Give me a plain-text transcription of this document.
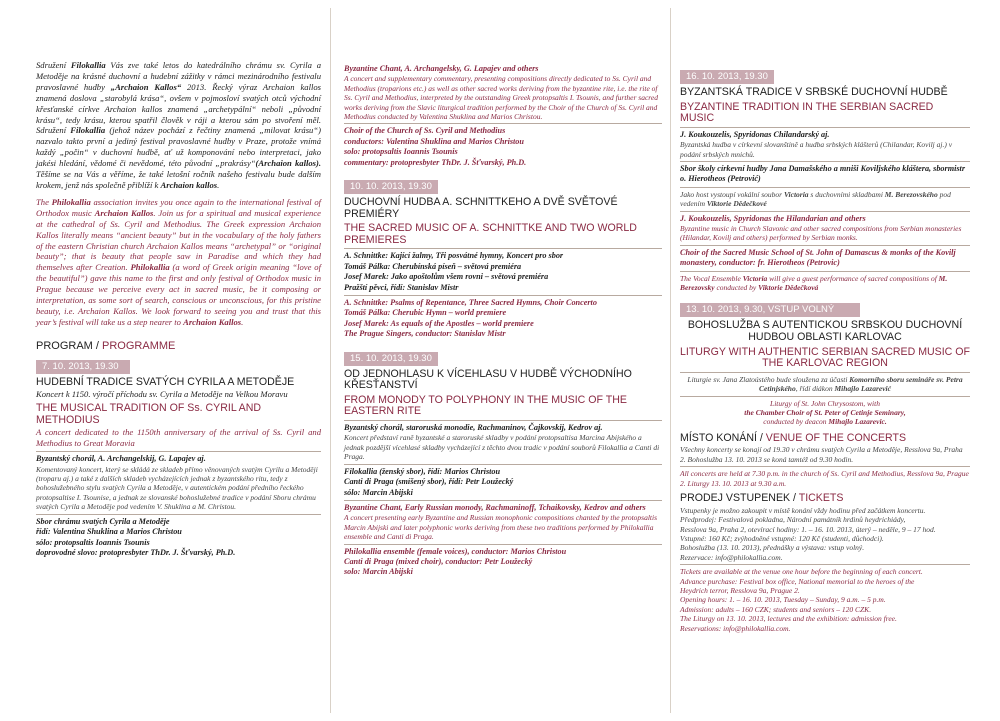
Sdružení Filokallia Vás zve také letos do katedrálního chrámu sv. Cyrila a Metoděje na krásné duchovní a hudební zážitky v rámci mezinárodního festivalu pravoslavné hudby „Archaion Kallos“ 2013. Řecký výraz Archaion kallos znamená doslova „starobylá krása“, ovšem v pojmosloví svatých otců východní křesťanské církve Archaion kallos znamená „archetypální“ neboli „původní krásu“, tedy krásu, kterou spatřil člověk v ráji a kterou sám po stvoření měl. Sdružení Filokallia (jehož název pochází z řečtiny znamená „milovat krásu“) nazvalo takto první a jediný festival pravoslavné hudby v Praze, protože vnímá každý „počin“ v duchovní hudbě, ať už komponování nebo interpretaci, jako jakési hledání, vědomé či nevědomé, této původní „prakrásy“(Archaion kallos). Těšíme se na Vás a věříme, že také letošní ročník našeho festivalu bude dalším krokem, jenž nás společně přiblíží k Archaion kallos.

The Philokallia association invites you once again to the international festival of Orthodox music Archaion Kallos. Join us for a spiritual and musical experience at the cathedral of Ss. Cyril and Methodius. The Greek expression Archaion Kallos literally means “ancient beauty” but in the vocabulary of the holy fathers of the eastern Christian church Archaion Kallos means “archetypal” or “original beauty”; that is beauty that people saw in Paradise and which they had themselves after Creation. Philokallia (a word of Greek origin meaning “love of the beautiful”) gave this name to the first and only festival of Orthodox music in Prague because we perceive every act in sacred music, be it composing or interpretation, as some sort of search, conscious or unconscious, for this pristine beauty, i.e. Archaion Kallos. We look forward to seeing you and trust that this year’s festival will take us a step nearer to Archaion Kallos.

PROGRAM / PROGRAMME
7. 10. 2013, 19.30
HUDEBNÍ TRADICE SVATÝCH CYRILA A METODĚJE

Koncert k 1150. výročí příchodu sv. Cyrila a Metoděje na Velkou Moravu

THE MUSICAL TRADITION OF Ss. CYRIL AND METHODIUS

A concert dedicated to the 1150th anniversary of the arrival of Ss. Cyril and Methodius to Great Moravia

Byzantský chorál, A. Archangelskij, G. Lapajev aj.

Komentovaný koncert, který se skládá ze skladeb přímo věnovaných svatým Cyrilu a Metoději (troparu aj.) a také z dalších skladeb vycházejících jednak z byzantského ritu, tedy z bohoslužebného stylu svatých Cyrila a Metoděje, v autentickém podání předního řeckého protopsaltise I. Tsounise, a jednak ze slovanské bohoslužebné tradice v podání Sboru chrámu svatých Cyrila a Metoděje pod vedením V. Shuklina a M. Christou.

Sbor chrámu svatých Cyrila a Metoděje

řídí: Valentina Shuklina a Marios Christou

sólo: protopsaltis Ioannis Tsounis

doprovodné slovo: protopresbyter ThDr. J. Šťvarský, Ph.D.

Byzantine Chant, A. Archangelsky, G. Lapajev and others

A concert and supplementary commentary, presenting compositions directly dedicated to Ss. Cyril and Methodius (troparions etc.) as well as other sacred works deriving from the byzantine rite, i.e. the rite of Ss. Cyril and Methodius, interpreted by the outstanding Greek protopsaltis I. Tsounis, and further sacred works deriving from the Slavic liturgical tradition performed by the Choir of the Church of Ss. Cyril and Methodius conducted by Valentina Shuklina and Marios Christou.

Choir of the Church of Ss. Cyril and Methodius

conductors: Valentina Shuklina and Marios Christou

solo: protopsaltis Ioannis Tsounis

commentary: protopresbyter ThDr. J. Šťvarský, Ph.D.

10. 10. 2013, 19.30
DUCHOVNÍ HUDBA A. SCHNITTKEHO A DVĚ SVĚTOVÉ PREMIÉRY
THE SACRED MUSIC OF A. SCHNITTKE AND TWO WORLD PREMIERES

A. Schnittke: Kající žalmy, Tři posvátné hymny, Koncert pro sbor

Tomáš Pálka: Cherubínská píseň – světová premiéra

Josef Marek: Jako apoštolům všem rovni – světová premiéra

Pražští pěvci, řídí: Stanislav Mistr

A. Schnittke: Psalms of Repentance, Three Sacred Hymns, Choir Concerto

Tomáš Pálka: Cherubic Hymn – world premiere

Josef Marek: As equals of the Apostles – world premiere

The Prague Singers, conductor: Stanislav Mistr

15. 10. 2013, 19.30
OD JEDNOHLASU K VÍCEHLASU V HUDBĚ VÝCHODNÍHO KŘESŤANSTVÍ
FROM MONODY TO POLYPHONY IN THE MUSIC OF THE EASTERN RITE

Byzantský chorál, staroruská monodie, Rachmaninov, Čajkovskij, Kedrov aj.

Koncert představí raně byzantské a staroruské skladby v podání protopsaltisa Marcina Abijského a jednak pozdější vícehlasé skladby vycházející z těchto dvou tradic v podání souborů Filokallia a Canti di Praga.

Filokallia (ženský sbor), řídí: Marios Christou

Canti di Praga (smíšený sbor), řídí: Petr Loužecký

sólo: Marcin Abijski

Byzantine Chant, Early Russian monody, Rachmaninoff, Tchaikovsky, Kedrov and others

A concert presenting early Byzantine and Russian monophonic compositions chanted by the protopsaltis Marcin Abijski and later polyphonic works deriving from these two traditions performed by Philokallia ensemble and Canti di Praga.

Philokallia ensemble (female voices), conductor: Marios Christou

Canti di Praga (mixed choir), conductor: Petr Loužecký

solo: Marcin Abijski

16. 10. 2013, 19.30
BYZANTSKÁ TRADICE V SRBSKÉ DUCHOVNÍ HUDBĚ
BYZANTINE TRADITION IN THE SERBIAN SACRED MUSIC

J. Koukouzelis, Spyridonas Chilandarský aj.

Byzantská hudba v církevní slovanštině a hudba srbských klášterů (Chilandar, Kovilj aj.) v podání srbských mnichů.

Sbor školy církevní hudby Jana Damašského a mniši Koviljského kláštera, sbormistr o. Hierotheos (Petrović)

Jako host vystoupí vokální soubor Victoria s duchovními skladbami M. Berezovského pod vedením Viktorie Dědečkové

J. Koukouzelis, Spyridonas the Hilandarian and others

Byzantine music in Church Slavonic and other sacred compositions from Serbian monasteries (Hilandar, Kovilj and others) performed by Serbian monks.

Choir of the Sacred Music School of St. John of Damascus & monks of the Kovilj monastery, conductor: fr. Hierotheos (Petrovic)

The Vocal Ensemble Victoria will give a guest performance of sacred compositions of M. Berezovsky conducted by Viktorie Dědečková

13. 10. 2013, 9.30, VSTUP VOLNÝ
BOHOSLUŽBA S AUTENTICKOU SRBSKOU DUCHOVNÍ HUDBOU OBLASTI KARLOVAC
LITURGY WITH AUTHENTIC SERBIAN SACRED MUSIC OF THE KARLOVAC REGION

Liturgie sv. Jana Zlatoústého bude sloužena za účasti Komorního sboru semináře sv. Petra Cetinjského, řídí diákon Mihajlo Lazarević

Liturgy of St. John Chrysostom, with
the Chamber Choir of St. Peter of Cetinje Seminary,
conducted by deacon Mihajlo Lazarevic.

MÍSTO KONÁNÍ / VENUE OF THE CONCERTS

Všechny koncerty se konají od 19.30 v chrámu svatých Cyrila a Metoděje, Resslova 9a, Praha 2. Bohoslužba 13. 10. 2013 se koná tamtéž od 9.30 hodin.

All concerts are held at 7.30 p.m. in the church of Ss. Cyril and Methodius, Resslova 9a, Prague 2. Liturgy 13. 10. 2013 at 9.30 a.m.

PRODEJ VSTUPENEK / TICKETS

Vstupenky je možno zakoupit v místě konání vždy hodinu před začátkem koncertu.

Předprodej: Festivalová pokladna, Národní památník hrdinů heydrichiády,

Resslova 9a, Praha 2, otevírací hodiny: 1. – 16. 10. 2013, úterý – neděle, 9 – 17 hod.

Vstupné: 160 Kč; zvýhodněné vstupné: 120 Kč (studenti, důchodci).

Bohoslužba (13. 10. 2013), přednášky a výstava: vstup volný.

Rezervace: info@philokallia.com.

Tickets are available at the venue one hour before the beginning of each concert.

Advance purchase: Festival box office, National memorial to the heroes of the

Heydrich terror, Resslova 9a, Prague 2.

Opening hours: 1. – 16. 10. 2013, Tuesday – Sunday, 9 a.m. – 5 p.m.

Admission: adults – 160 CZK; students and seniors – 120 CZK.

The Liturgy on 13. 10. 2013, lectures and the exhibition: admission free.

Reservations: info@philokallia.com.
